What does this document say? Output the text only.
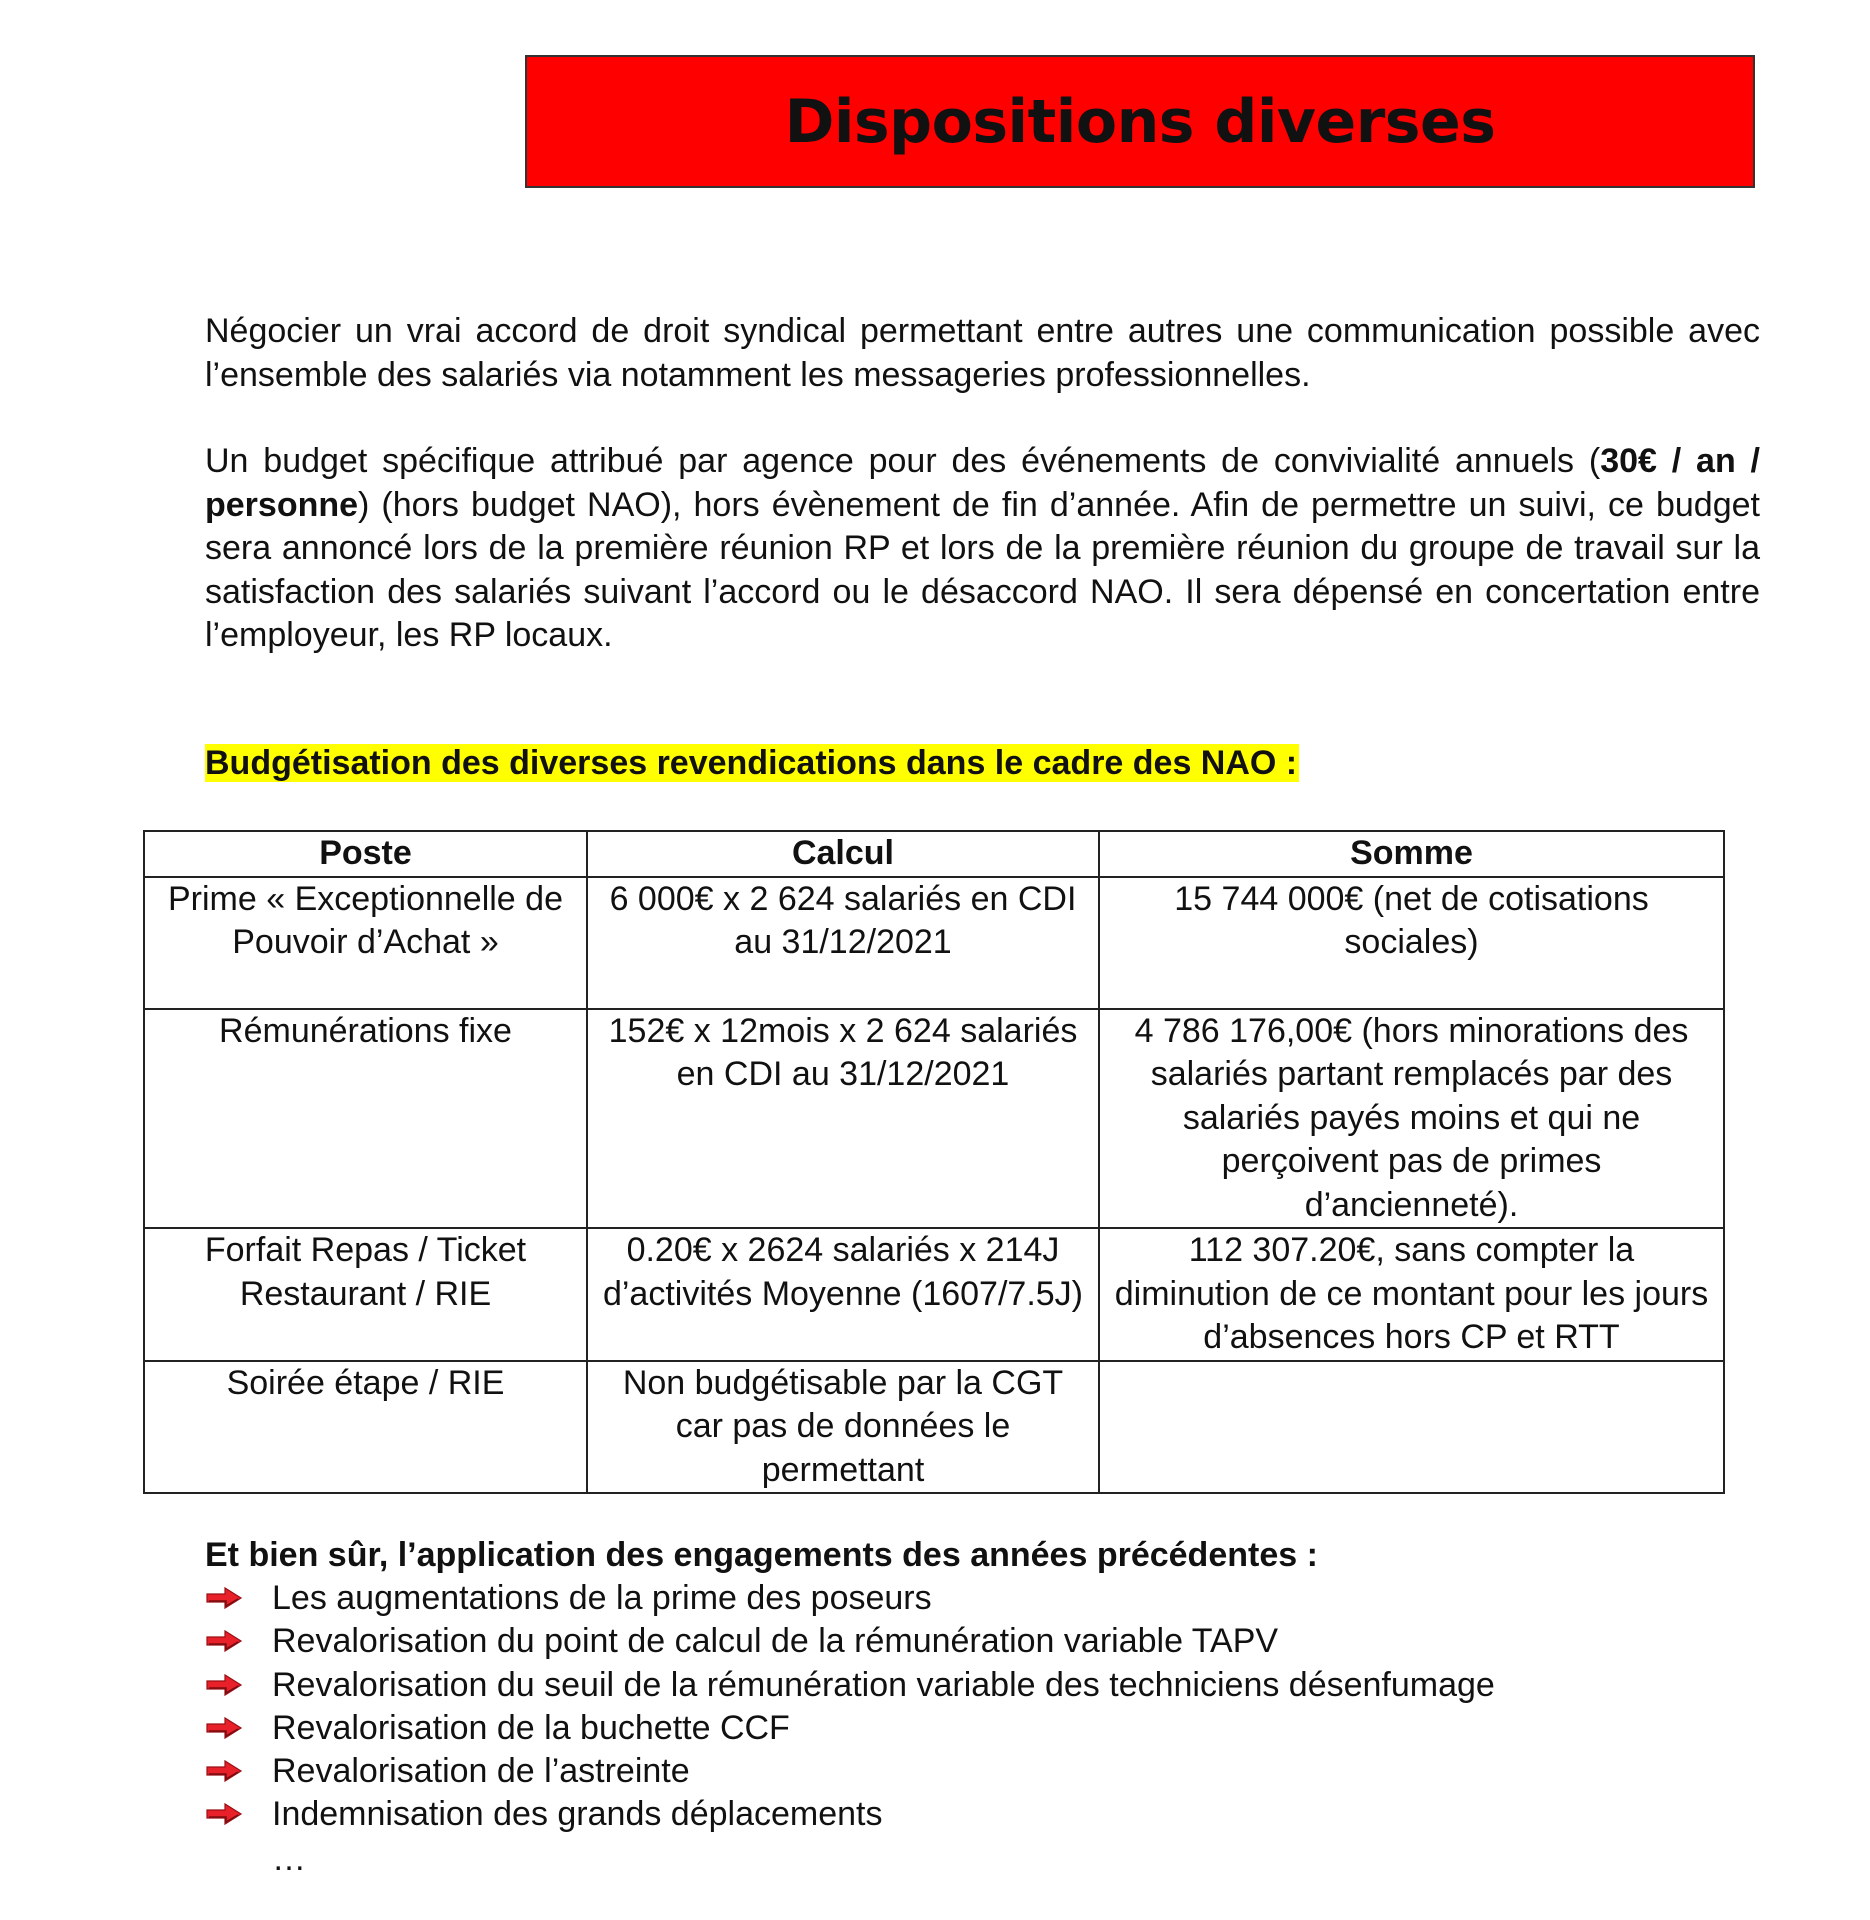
Dispositions diverses

Négocier un vrai accord de droit syndical permettant entre autres une communication possible avec l’ensemble des salariés via notamment les messageries professionnelles.

Un budget spécifique attribué par agence pour des événements de convivialité annuels (30€ / an / personne) (hors budget NAO), hors évènement de fin d’année. Afin de permettre un suivi, ce budget sera annoncé lors de la première réunion RP et lors de la première réunion du groupe de travail sur la satisfaction des salariés suivant l’accord ou le désaccord NAO. Il sera dépensé en concertation entre l’employeur, les RP locaux.

Budgétisation des diverses revendications dans le cadre des NAO :

Poste	Calcul	Somme
Prime « Exceptionnelle de Pouvoir d’Achat »	6 000€ x 2 624 salariés en CDI au 31/12/2021	15 744 000€ (net de cotisations sociales)
Rémunérations fixe	152€ x 12mois x 2 624 salariés en CDI au 31/12/2021	4 786 176,00€ (hors minorations des salariés partant remplacés par des salariés payés moins et qui ne perçoivent pas de primes d’ancienneté).
Forfait Repas / Ticket Restaurant / RIE	0.20€ x 2624 salariés x 214J d’activités Moyenne (1607/7.5J)	112 307.20€, sans compter la diminution de ce montant pour les jours d’absences hors CP et RTT
Soirée étape / RIE	Non budgétisable par la CGT car pas de données le permettant	

Et bien sûr, l’application des engagements des années précédentes :

Les augmentations de la prime des poseurs
Revalorisation du point de calcul de la rémunération variable TAPV
Revalorisation du seuil de la rémunération variable des techniciens désenfumage
Revalorisation de la buchette CCF
Revalorisation de l’astreinte
Indemnisation des grands déplacements

…
